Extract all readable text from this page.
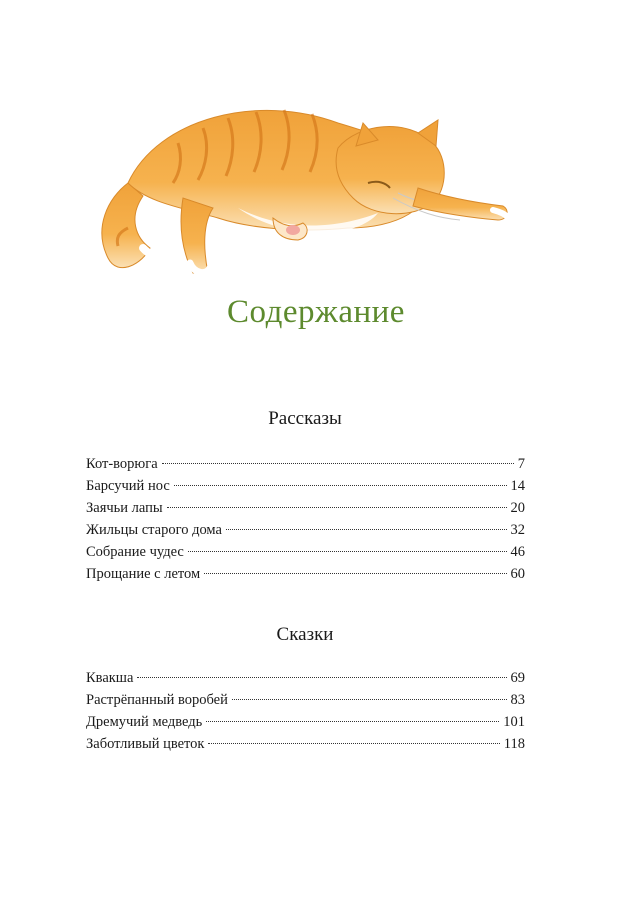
Содержание
Рассказы
Кот-ворюга	7
Барсучий нос	14
Заячьи лапы	20
Жильцы старого дома	32
Собрание чудес	46
Прощание с летом	60
Сказки
Квакша	69
Растрёпанный воробей	83
Дремучий медведь	101
Заботливый цветок	118
